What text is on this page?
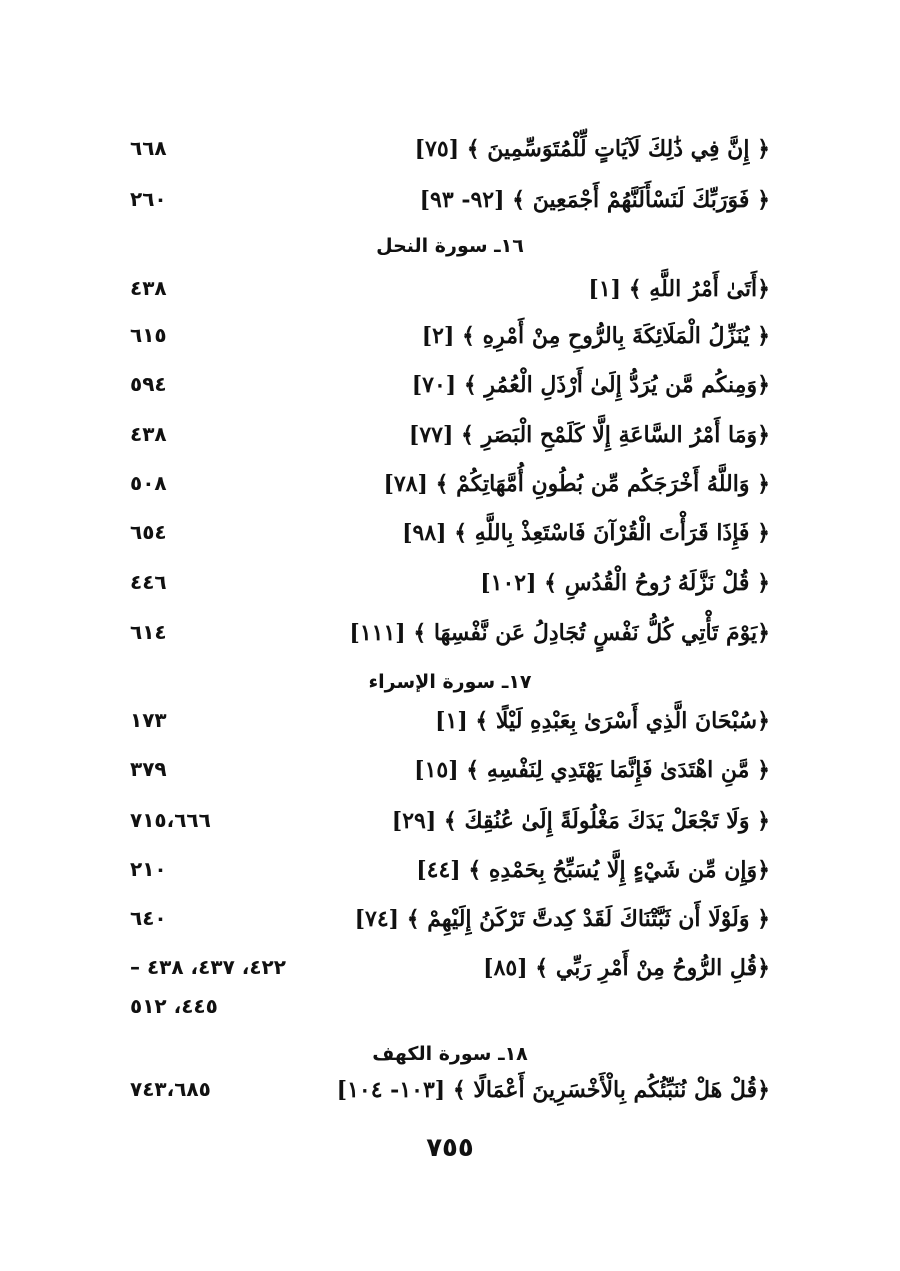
﴿ إِنَّ فِي ذَٰلِكَ لَآيَاتٍ لِّلْمُتَوَسِّمِينَ ﴾ [٧٥]
٦٦٨
﴿ فَوَرَبِّكَ لَنَسْأَلَنَّهُمْ أَجْمَعِينَ ﴾ [٩٢- ٩٣]
٢٦٠
١٦ـ سورة النحل
﴿أَتَىٰ أَمْرُ اللَّهِ ﴾ [١]
٤٣٨
﴿ يُنَزِّلُ الْمَلَائِكَةَ بِالرُّوحِ مِنْ أَمْرِهِ ﴾ [٢]
٦١٥
﴿وَمِنكُم مَّن يُرَدُّ إِلَىٰ أَرْذَلِ الْعُمُرِ ﴾ [٧٠]
٥٩٤
﴿وَمَا أَمْرُ السَّاعَةِ إِلَّا كَلَمْحِ الْبَصَرِ ﴾ [٧٧]
٤٣٨
﴿ وَاللَّهُ أَخْرَجَكُم مِّن بُطُونِ أُمَّهَاتِكُمْ ﴾ [٧٨]
٥٠٨
﴿ فَإِذَا قَرَأْتَ الْقُرْآنَ فَاسْتَعِذْ بِاللَّهِ ﴾ [٩٨]
٦٥٤
﴿ قُلْ نَزَّلَهُ رُوحُ الْقُدُسِ ﴾ [١٠٢]
٤٤٦
﴿يَوْمَ تَأْتِي كُلُّ نَفْسٍ تُجَادِلُ عَن نَّفْسِهَا ﴾ [١١١]
٦١٤
١٧ـ سورة الإسراء
﴿سُبْحَانَ الَّذِي أَسْرَىٰ بِعَبْدِهِ لَيْلًا ﴾ [١]
١٧٣
﴿ مَّنِ اهْتَدَىٰ فَإِنَّمَا يَهْتَدِي لِنَفْسِهِ ﴾ [١٥]
٣٧٩
﴿ وَلَا تَجْعَلْ يَدَكَ مَغْلُولَةً إِلَىٰ عُنُقِكَ ﴾ [٢٩]
٧١٥،٦٦٦
﴿وَإِن مِّن شَيْءٍ إِلَّا يُسَبِّحُ بِحَمْدِهِ ﴾ [٤٤]
٢١٠
﴿ وَلَوْلَا أَن ثَبَّتْنَاكَ لَقَدْ كِدتَّ تَرْكَنُ إِلَيْهِمْ ﴾ [٧٤]
٦٤٠
﴿قُلِ الرُّوحُ مِنْ أَمْرِ رَبِّي ﴾ [٨٥]
٤٢٢، ٤٣٧، ٤٣٨ –
٤٤٥، ٥١٢
١٨ـ سورة الكهف
﴿قُلْ هَلْ نُنَبِّئُكُم بِالْأَخْسَرِينَ أَعْمَالًا ﴾ [١٠٣- ١٠٤]
٧٤٣،٦٨٥
٧٥٥
